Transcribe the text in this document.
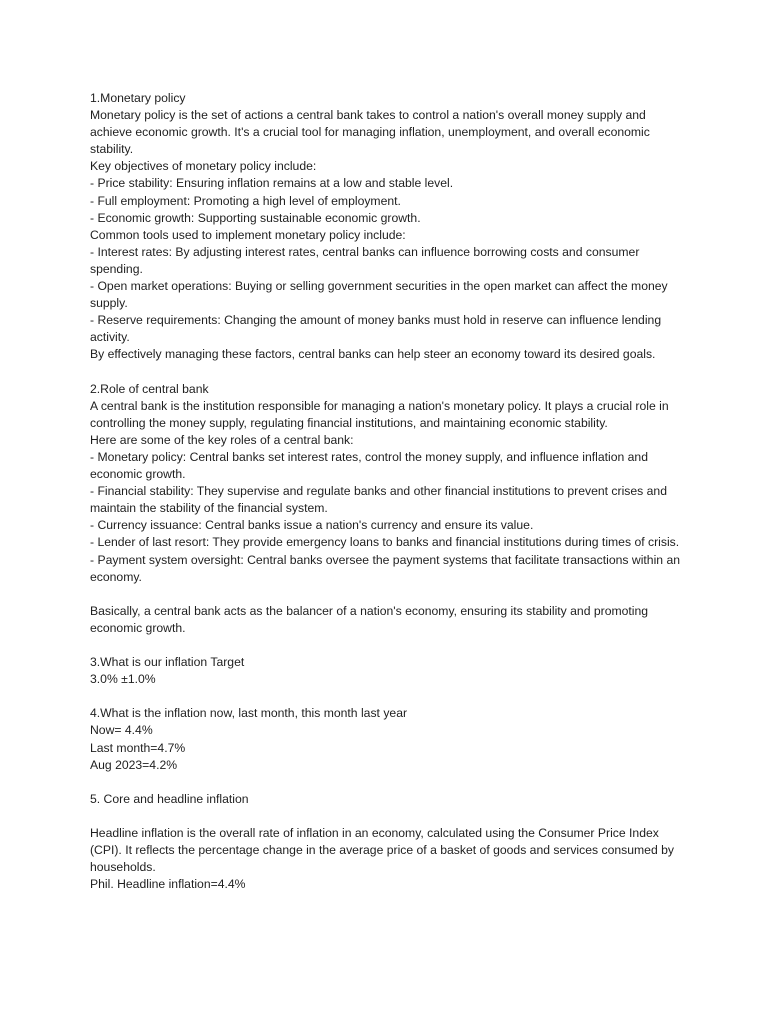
1.Monetary policy

Monetary policy is the set of actions a central bank takes to control a nation's overall money supply and achieve economic growth. It's a crucial tool for managing inflation, unemployment, and overall economic stability.

Key objectives of monetary policy include:

- Price stability: Ensuring inflation remains at a low and stable level.

- Full employment: Promoting a high level of employment.

- Economic growth: Supporting sustainable economic growth.

Common tools used to implement monetary policy include:

- Interest rates: By adjusting interest rates, central banks can influence borrowing costs and consumer spending.

- Open market operations: Buying or selling government securities in the open market can affect the money supply.

- Reserve requirements: Changing the amount of money banks must hold in reserve can influence lending activity.

By effectively managing these factors, central banks can help steer an economy toward its desired goals.

2.Role of central bank

A central bank is the institution responsible for managing a nation's monetary policy. It plays a crucial role in controlling the money supply, regulating financial institutions, and maintaining economic stability.

Here are some of the key roles of a central bank:

- Monetary policy: Central banks set interest rates, control the money supply, and influence inflation and economic growth.

- Financial stability: They supervise and regulate banks and other financial institutions to prevent crises and maintain the stability of the financial system.

- Currency issuance: Central banks issue a nation's currency and ensure its value.

- Lender of last resort: They provide emergency loans to banks and financial institutions during times of crisis.

- Payment system oversight: Central banks oversee the payment systems that facilitate transactions within an economy.

Basically, a central bank acts as the balancer of a nation's economy, ensuring its stability and promoting economic growth.

3.What is our inflation Target

3.0% ±1.0%

4.What is the inflation now, last month, this month last year

Now= 4.4%

Last month=4.7%

Aug 2023=4.2%

5. Core and headline inflation

Headline inflation is the overall rate of inflation in an economy, calculated using the Consumer Price Index (CPI). It reflects the percentage change in the average price of a basket of goods and services consumed by households.

Phil. Headline inflation=4.4%
